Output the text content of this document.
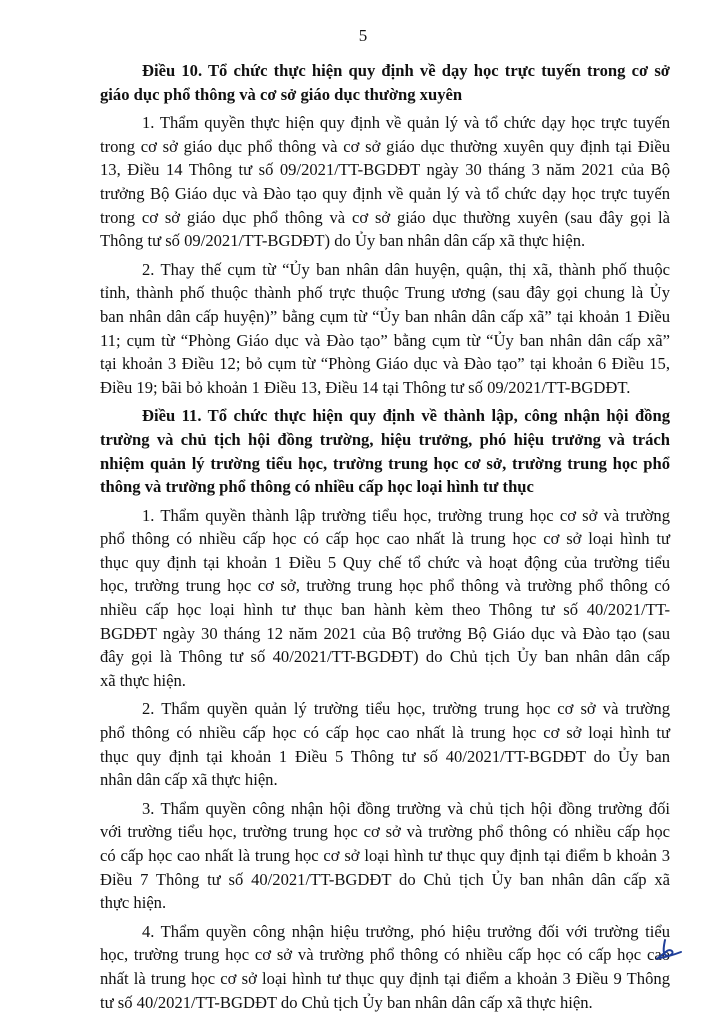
5
Điều 10. Tổ chức thực hiện quy định về dạy học trực tuyến trong cơ sở
giáo dục phổ thông và cơ sở giáo dục thường xuyên
1. Thẩm quyền thực hiện quy định về quản lý và tổ chức dạy học trực tuyến
trong cơ sở giáo dục phổ thông và cơ sở giáo dục thường xuyên quy định tại Điều
13, Điều 14 Thông tư số 09/2021/TT-BGDĐT ngày 30 tháng 3 năm 2021 của Bộ
trưởng Bộ Giáo dục và Đào tạo quy định về quản lý và tổ chức dạy học trực tuyến
trong cơ sở giáo dục phổ thông và cơ sở giáo dục thường xuyên (sau đây gọi là
Thông tư số 09/2021/TT-BGDĐT) do Ủy ban nhân dân cấp xã thực hiện.
2. Thay thế cụm từ “Ủy ban nhân dân huyện, quận, thị xã, thành phố thuộc
tỉnh, thành phố thuộc thành phố trực thuộc Trung ương (sau đây gọi chung là Ủy
ban nhân dân cấp huyện)” bằng cụm từ “Ủy ban nhân dân cấp xã” tại khoản 1 Điều
11; cụm từ “Phòng Giáo dục và Đào tạo” bằng cụm từ “Ủy ban nhân dân cấp xã”
tại khoản 3 Điều 12; bỏ cụm từ “Phòng Giáo dục và Đào tạo” tại khoản 6 Điều 15,
Điều 19; bãi bỏ khoản 1 Điều 13, Điều 14 tại Thông tư số 09/2021/TT-BGDĐT.
Điều 11. Tổ chức thực hiện quy định về thành lập, công nhận hội đồng
trường và chủ tịch hội đồng trường, hiệu trưởng, phó hiệu trưởng và trách
nhiệm quản lý trường tiểu học, trường trung học cơ sở, trường trung học phổ
thông và trường phổ thông có nhiều cấp học loại hình tư thục
1. Thẩm quyền thành lập trường tiểu học, trường trung học cơ sở và trường
phổ thông có nhiều cấp học có cấp học cao nhất là trung học cơ sở loại hình tư
thục quy định tại khoản 1 Điều 5 Quy chế tổ chức và hoạt động của trường tiểu
học, trường trung học cơ sở, trường trung học phổ thông và trường phổ thông có
nhiều cấp học loại hình tư thục ban hành kèm theo Thông tư số 40/2021/TT-
BGDĐT ngày 30 tháng 12 năm 2021 của Bộ trưởng Bộ Giáo dục và Đào tạo (sau
đây gọi là Thông tư số 40/2021/TT-BGDĐT) do Chủ tịch Ủy ban nhân dân cấp
xã thực hiện.
2. Thẩm quyền quản lý trường tiểu học, trường trung học cơ sở và trường
phổ thông có nhiều cấp học có cấp học cao nhất là trung học cơ sở loại hình tư
thục quy định tại khoản 1 Điều 5 Thông tư số 40/2021/TT-BGDĐT do Ủy ban
nhân dân cấp xã thực hiện.
3. Thẩm quyền công nhận hội đồng trường và chủ tịch hội đồng trường đối
với trường tiểu học, trường trung học cơ sở và trường phổ thông có nhiều cấp học
có cấp học cao nhất là trung học cơ sở loại hình tư thục quy định tại điểm b khoản 3
Điều 7 Thông tư số 40/2021/TT-BGDĐT do Chủ tịch Ủy ban nhân dân cấp xã
thực hiện.
4. Thẩm quyền công nhận hiệu trưởng, phó hiệu trưởng đối với trường tiểu
học, trường trung học cơ sở và trường phổ thông có nhiều cấp học có cấp học cao
nhất là trung học cơ sở loại hình tư thục quy định tại điểm a khoản 3 Điều 9 Thông
tư số 40/2021/TT-BGDĐT do Chủ tịch Ủy ban nhân dân cấp xã thực hiện.
